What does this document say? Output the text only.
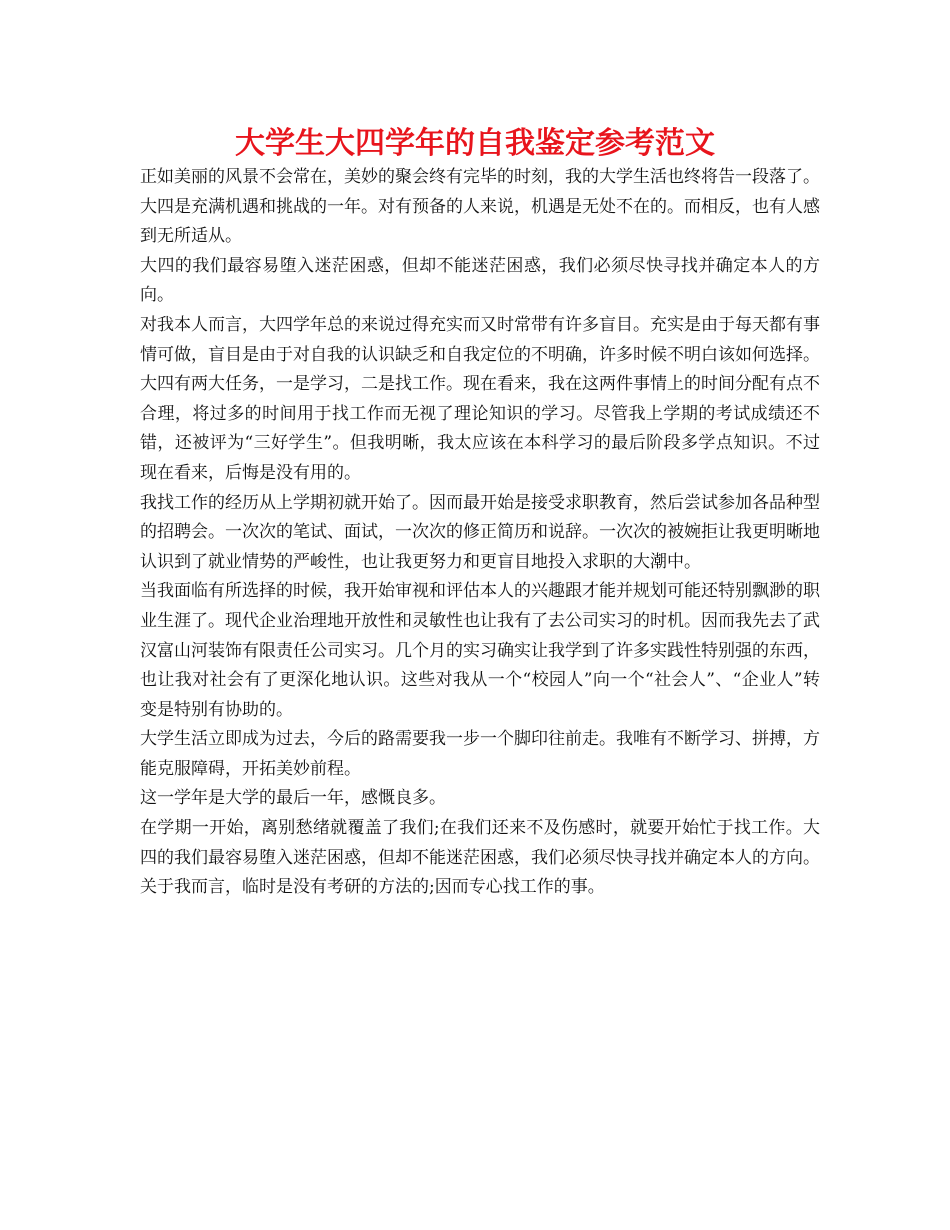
大学生大四学年的自我鉴定参考范文

正如美丽的风景不会常在，美妙的聚会终有完毕的时刻，我的大学生活也终将告一段落了。大四是充满机遇和挑战的一年。对有预备的人来说，机遇是无处不在的。而相反，也有人感到无所适从。

大四的我们最容易堕入迷茫困惑，但却不能迷茫困惑，我们必须尽快寻找并确定本人的方向。

对我本人而言，大四学年总的来说过得充实而又时常带有许多盲目。充实是由于每天都有事情可做，盲目是由于对自我的认识缺乏和自我定位的不明确，许多时候不明白该如何选择。

大四有两大任务，一是学习，二是找工作。现在看来，我在这两件事情上的时间分配有点不合理，将过多的时间用于找工作而无视了理论知识的学习。尽管我上学期的考试成绩还不错，还被评为“三好学生”。但我明晰，我太应该在本科学习的最后阶段多学点知识。不过现在看来，后悔是没有用的。

我找工作的经历从上学期初就开始了。因而最开始是接受求职教育，然后尝试参加各品种型的招聘会。一次次的笔试、面试，一次次的修正简历和说辞。一次次的被婉拒让我更明晰地认识到了就业情势的严峻性，也让我更努力和更盲目地投入求职的大潮中。

当我面临有所选择的时候，我开始审视和评估本人的兴趣跟才能并规划可能还特别飘渺的职业生涯了。现代企业治理地开放性和灵敏性也让我有了去公司实习的时机。因而我先去了武汉富山河装饰有限责任公司实习。几个月的实习确实让我学到了许多实践性特别强的东西，也让我对社会有了更深化地认识。这些对我从一个“校园人”向一个“社会人”、“企业人”转变是特别有协助的。

大学生活立即成为过去，今后的路需要我一步一个脚印往前走。我唯有不断学习、拼搏，方能克服障碍，开拓美妙前程。

这一学年是大学的最后一年，感慨良多。

在学期一开始，离别愁绪就覆盖了我们;在我们还来不及伤感时，就要开始忙于找工作。大四的我们最容易堕入迷茫困惑，但却不能迷茫困惑，我们必须尽快寻找并确定本人的方向。关于我而言，临时是没有考研的方法的;因而专心找工作的事。
